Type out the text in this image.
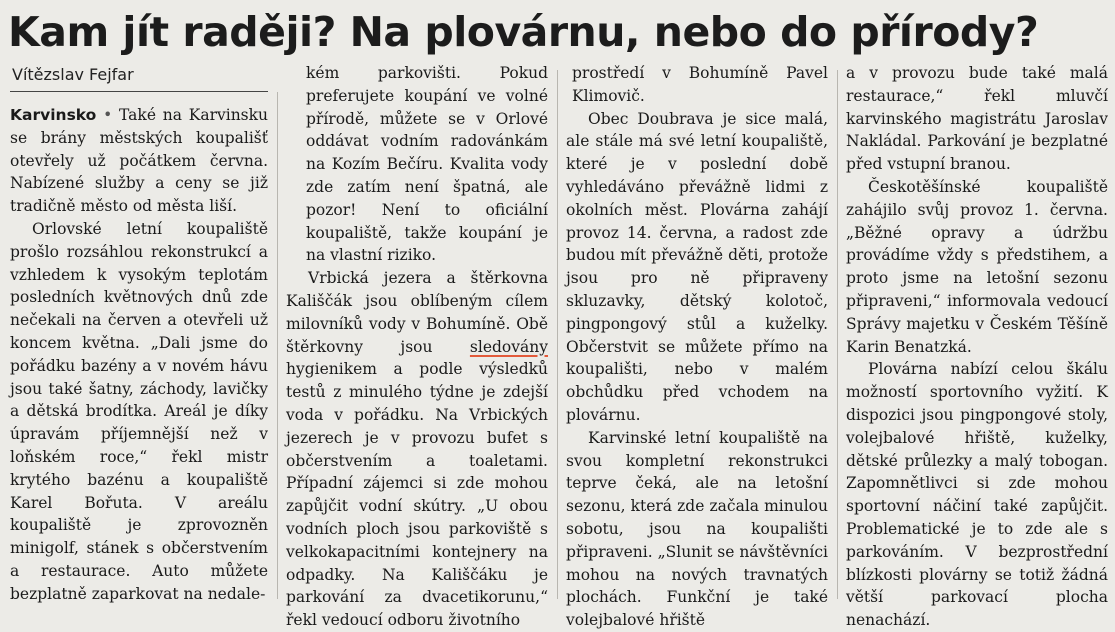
Kam jít raději? Na plovárnu, nebo do přírody?
Vítězslav Fejfar

Karvinsko • Také na Karvinsku se brány městských koupališť otevřely už počátkem června. Nabízené služby a ceny se již tradičně město od města liší.

Orlovské letní koupaliště prošlo rozsáhlou rekonstrukcí a vzhledem k vysokým teplotám posledních květnových dnů zde nečekali na červen a otevřeli už koncem května. „Dali jsme do pořádku bazény a v novém hávu jsou také šatny, záchody, lavičky a dětská brodítka. Areál je díky úpravám příjemnější než v loňském roce,“ řekl mistr krytého bazénu a koupaliště Karel Bořuta. V areálu koupaliště je zprovozněn minigolf, stánek s občerstvením a restaurace. Auto můžete bezplatně zaparkovat na nedale-

kém parkovišti. Pokud preferujete koupání ve volné přírodě, můžete se v Orlové oddávat vodním radovánkám na Kozím Bečíru. Kvalita vody zde zatím není špatná, ale pozor! Není to oficiální koupaliště, takže koupání je na vlastní riziko.

Vrbická jezera a štěrkovna Kališčák jsou oblíbeným cílem milovníků vody v Bohumíně. Obě štěrkovny jsou sledovány hygienikem a podle výsledků testů z minulého týdne je zdejší voda v pořádku. Na Vrbických jezerech je v provozu bufet s občerstvením a toaletami. Případní zájemci si zde mohou zapůjčit vodní skútry. „U obou vodních ploch jsou parkoviště s velkokapacitními kontejnery na odpadky. Na Kališčáku je parkování za dvacetikorunu,“ řekl vedoucí odboru životního

prostředí v Bohumíně Pavel Klimovič.

Obec Doubrava je sice malá, ale stále má své letní koupaliště, které je v poslední době vyhledáváno převážně lidmi z okolních měst. Plovárna zahájí provoz 14. června, a radost zde budou mít převážně děti, protože jsou pro ně připraveny skluzavky, dětský kolotoč, pingpongový stůl a kuželky. Občerstvit se můžete přímo na koupališti, nebo v malém obchůdku před vchodem na plovárnu.

Karvinské letní koupaliště na svou kompletní rekonstrukci teprve čeká, ale na letošní sezonu, která zde začala minulou sobotu, jsou na koupališti připraveni. „Slunit se návštěvníci mohou na nových travnatých plochách. Funkční je také volejbalové hřiště

a v provozu bude také malá restaurace,“ řekl mluvčí karvinského magistrátu Jaroslav Nakládal. Parkování je bezplatné před vstupní branou.

Českotěšínské koupaliště zahájilo svůj provoz 1. června. „Běžné opravy a údržbu provádíme vždy s předstihem, a proto jsme na letošní sezonu připraveni,“ informovala vedoucí Správy majetku v Českém Těšíně Karin Benatzká.

Plovárna nabízí celou škálu možností sportovního vyžití. K dispozici jsou pingpongové stoly, volejbalové hřiště, kuželky, dětské průlezky a malý tobogan. Zapomnětlivci si zde mohou sportovní náčiní také zapůjčit. Problematické je to zde ale s parkováním. V bezprostřední blízkosti plovárny se totiž žádná větší parkovací plocha nenachází.
